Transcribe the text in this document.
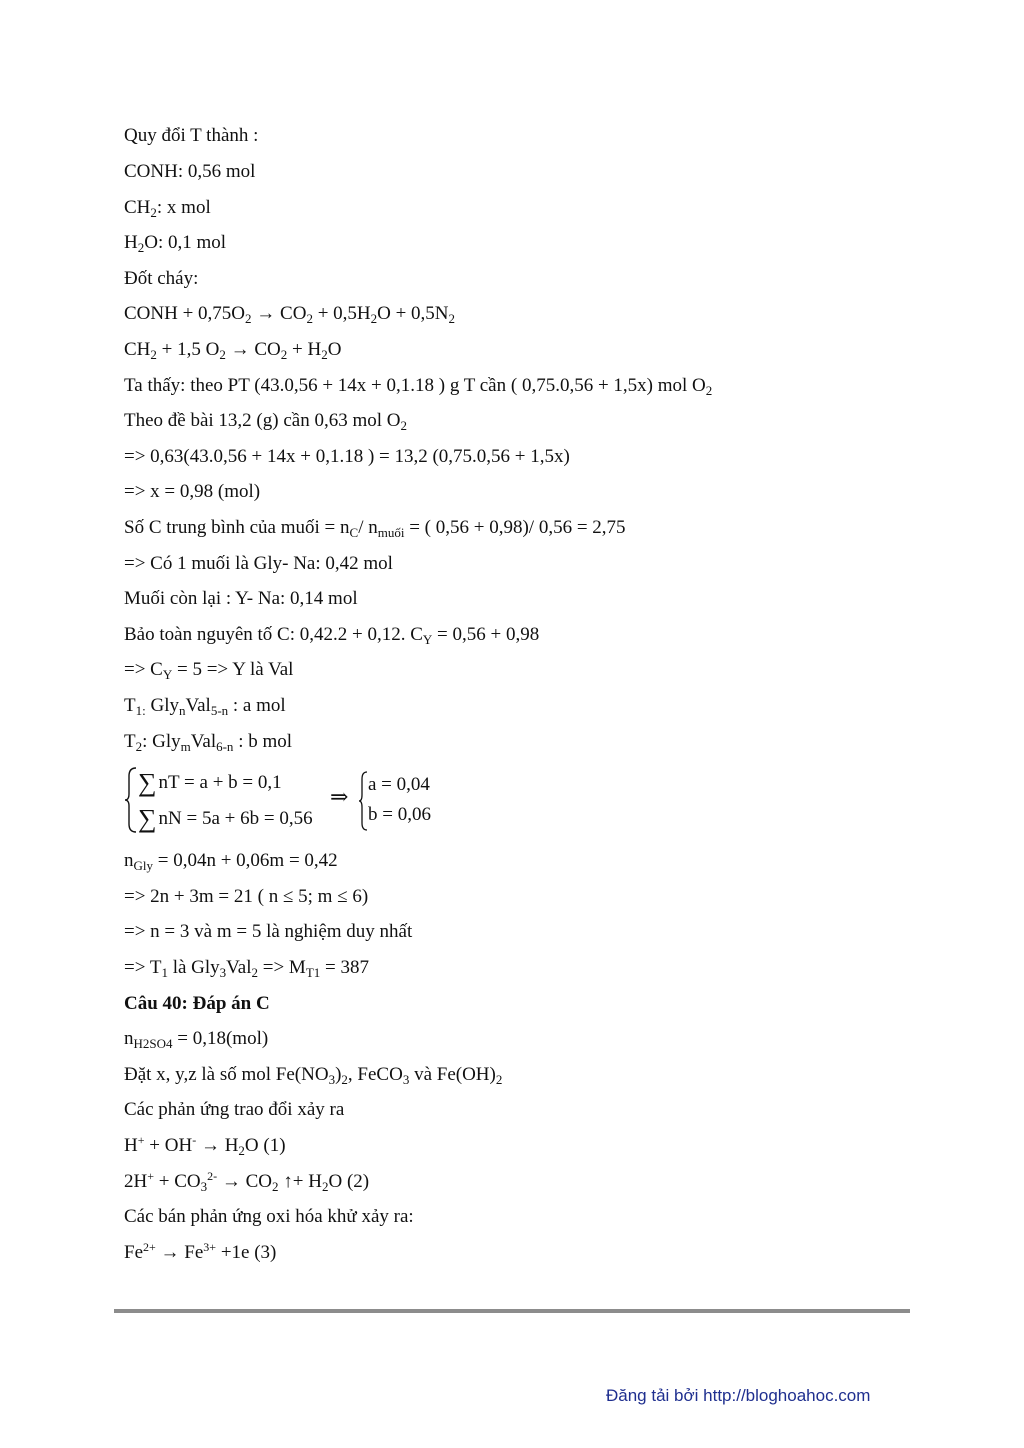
Quy đổi T thành :
CONH: 0,56 mol
$CH_2$: x mol
$H_2O$: 0,1 mol
Đốt cháy:
CONH + $0,75O_2 \to CO_2 + 0,5H_2O + 0,5N_2$
$CH_2 + 1,5$ $O_2 \to CO_2 + H_2O$
Ta thấy: theo PT (43.0,56 + 14x + 0,1.18 ) g T cần ( 0,75.0,56 + 1,5x) mol $O_2$
Theo đề bài 13,2 (g) cần 0,63 mol $O_2$
=> 0,63(43.0,56 + 14x + 0,1.18 ) = 13,2 (0,75.0,56 + 1,5x)
=> x = 0,98 (mol)
Số C trung bình của muối = $n_C/$ $n_{muối}$ = ( 0,56 + 0,98)/ 0,56 = 2,75
=> Có 1 muối là Gly- Na: 0,42 mol
Muối còn lại : Y- Na: 0,14 mol
Bảo toàn nguyên tố C: 0,42.2 + 0,12. $C_Y = 0,56 + 0,98$
=> $C_Y = 5 => Y$ là Val
$T_{1:}$ Gly$_n$Val$_{5-n}$ : a mol
$T_2$: Gly$_m$Val$_{6-n}$ : b mol
∑ nT = a + b = 0,1
∑ nN = 5a + 6b = 0,56
⇒ a = 0,04
b = 0,06
$n_{Gly} = 0,04n + 0,06m = 0,42$
=> 2n + 3m = 21 ( n ≤ 5; m ≤ 6)
=> n = 3 và m = 5 là nghiệm duy nhất
=> $T_1$ là $Gly_3Val_2 => M_{T1} = 387$
Câu 40: Đáp án C
$n_{H2SO4} = 0,18(mol)$
Đặt x, y,z là số mol $Fe(NO_3)_2$, FeCO$_3$ và $Fe(OH)_2$
Các phản ứng trao đổi xảy ra
$H^+ + OH^- \to H_2O$ (1)
$2H^+ + CO_3^{2-} \to CO_2$ ↑+ $H_2O$ (2)
Các bán phản ứng oxi hóa khử xảy ra:
$Fe^{2+} \to Fe^{3+} +1e$ (3)
Đăng tải bởi http://bloghoahoc.com
